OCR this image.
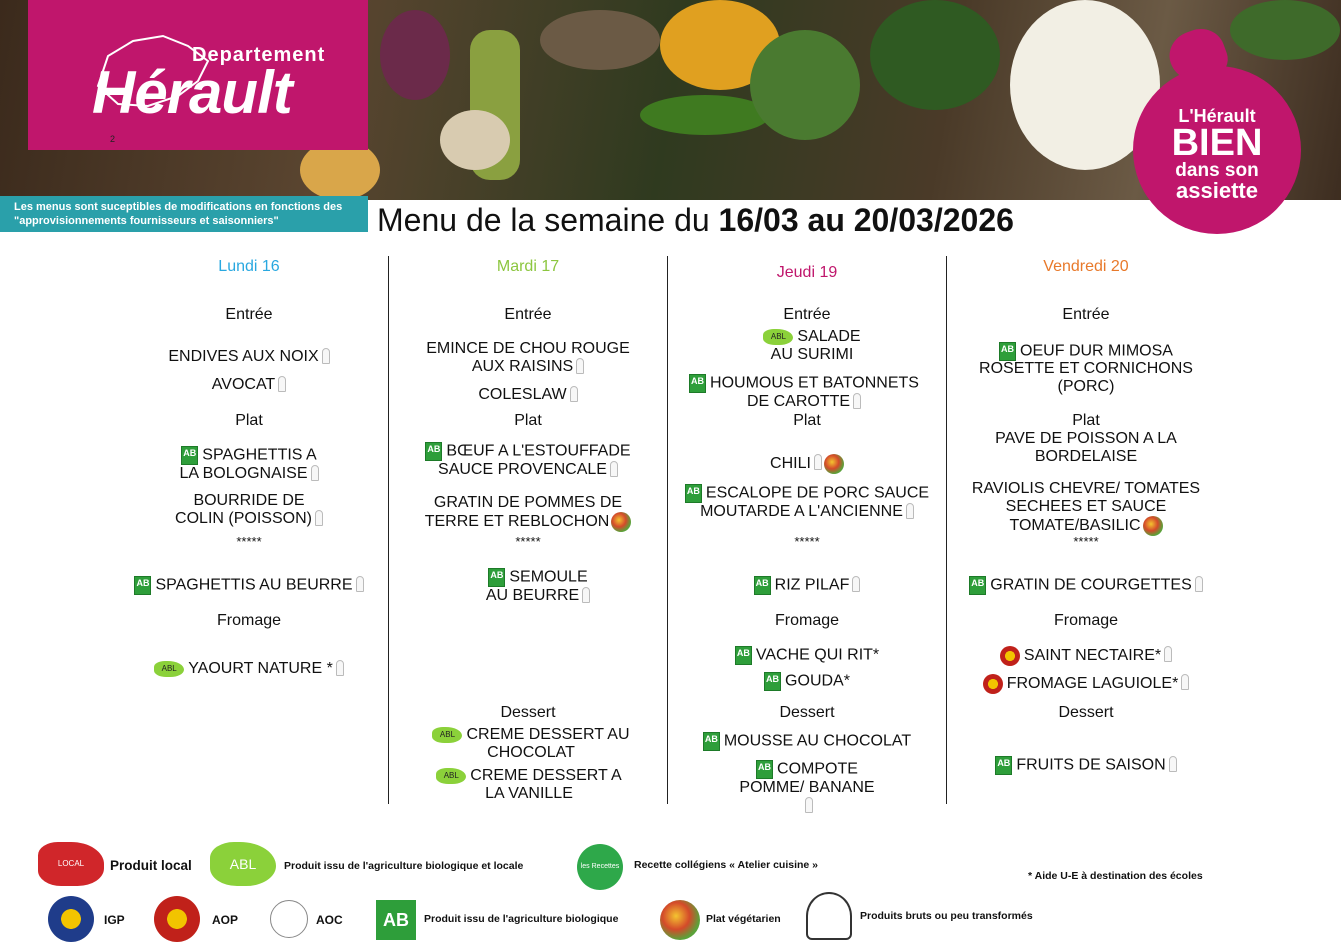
Departement
Hérault
2
Les menus sont suceptibles de modifications en fonctions des "approvisionnements fournisseurs et saisonniers"
L'Hérault
BIEN
dans son
assiette
Menu de la semaine du 16/03 au 20/03/2026
Lundi 16
Entrée
ENDIVES AUX NOIX
AVOCAT
Plat
AB SPAGHETTIS A LA BOLOGNAISE
BOURRIDE DE COLIN (POISSON)
*****
AB SPAGHETTIS AU BEURRE
Fromage
ABL YAOURT NATURE *
Mardi 17
Entrée
EMINCE DE CHOU ROUGE AUX RAISINS
COLESLAW
Plat
AB BŒUF A L'ESTOUFFADE SAUCE PROVENCALE
GRATIN DE POMMES DE TERRE ET REBLOCHON
*****
AB SEMOULE AU BEURRE
Dessert
ABL CREME DESSERT AU CHOCOLAT
ABL CREME DESSERT A LA VANILLE
Jeudi 19
Entrée
ABL SALADE AU SURIMI
AB HOUMOUS ET BATONNETS DE CAROTTE
Plat
CHILI
AB ESCALOPE DE PORC SAUCE MOUTARDE A L'ANCIENNE
*****
AB RIZ PILAF
Fromage
AB VACHE QUI RIT*
AB GOUDA*
Dessert
AB MOUSSE AU CHOCOLAT
AB COMPOTE POMME/ BANANE
Vendredi 20
Entrée
AB OEUF DUR MIMOSA
ROSETTE ET CORNICHONS (PORC)
Plat
PAVE DE POISSON A LA BORDELAISE
RAVIOLIS CHEVRE/ TOMATES SECHEES ET SAUCE TOMATE/BASILIC
*****
AB GRATIN DE COURGETTES
Fromage
SAINT NECTAIRE*
FROMAGE LAGUIOLE*
Dessert
AB FRUITS DE SAISON
LOCAL	Produit local	ABL	Produit issu de l'agriculture biologique et locale	les Recettes	Recette collégiens « Atelier cuisine »
* Aide U-E à destination des écoles
IGP	AOP	AOC	AB	Produit issu de l'agriculture biologique	Plat végétarien	Produits bruts ou peu transformés
